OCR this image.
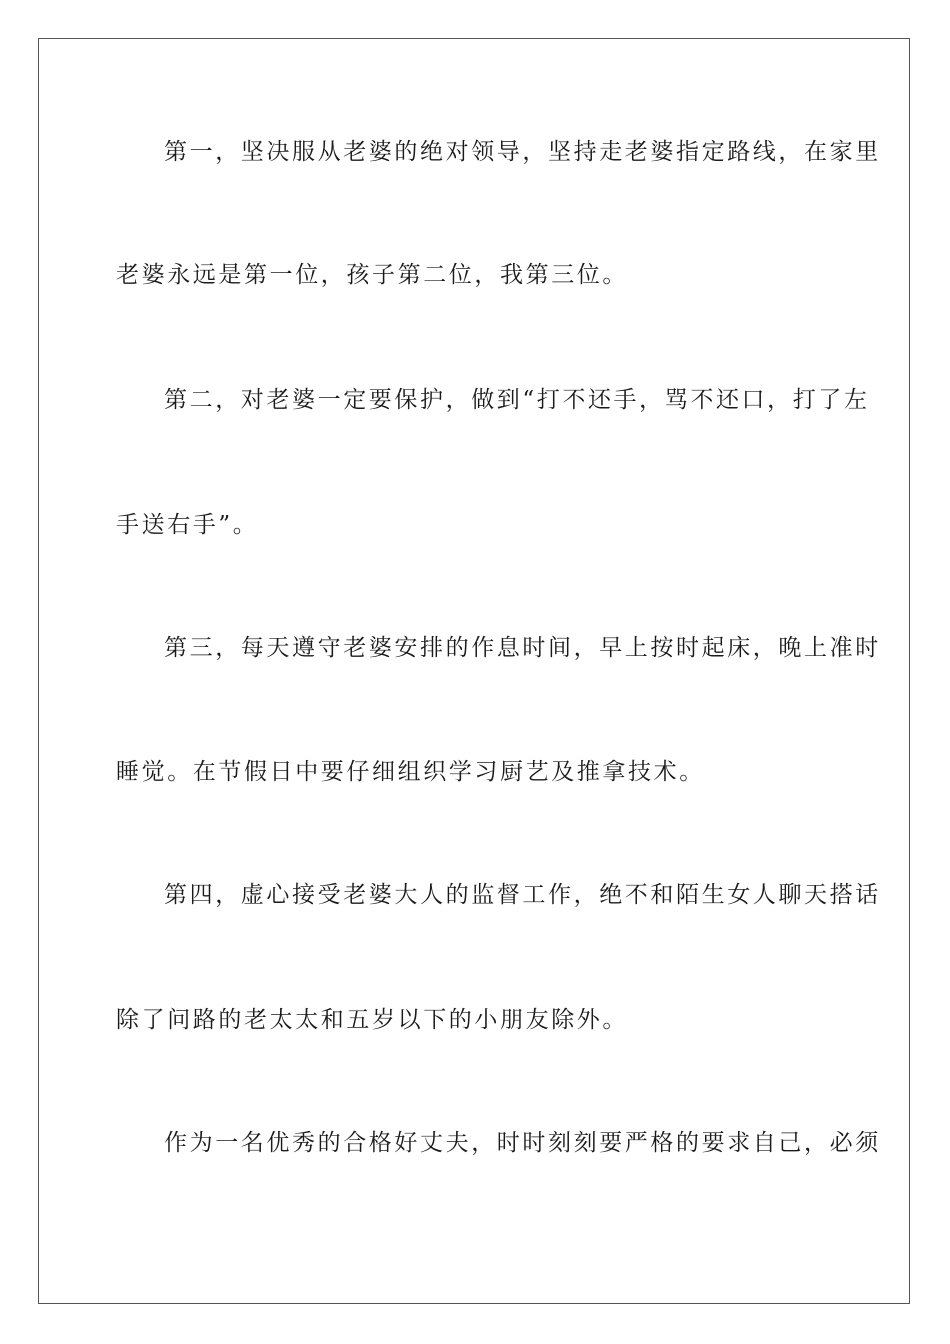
第一，坚决服从老婆的绝对领导，坚持走老婆指定路线，在家里
老婆永远是第一位，孩子第二位，我第三位。
第二，对老婆一定要保护，做到“打不还手，骂不还口，打了左
手送右手”。
第三，每天遵守老婆安排的作息时间，早上按时起床，晚上准时
睡觉。在节假日中要仔细组织学习厨艺及推拿技术。
第四，虚心接受老婆大人的监督工作，绝不和陌生女人聊天搭话
除了问路的老太太和五岁以下的小朋友除外。
作为一名优秀的合格好丈夫，时时刻刻要严格的要求自己，必须
